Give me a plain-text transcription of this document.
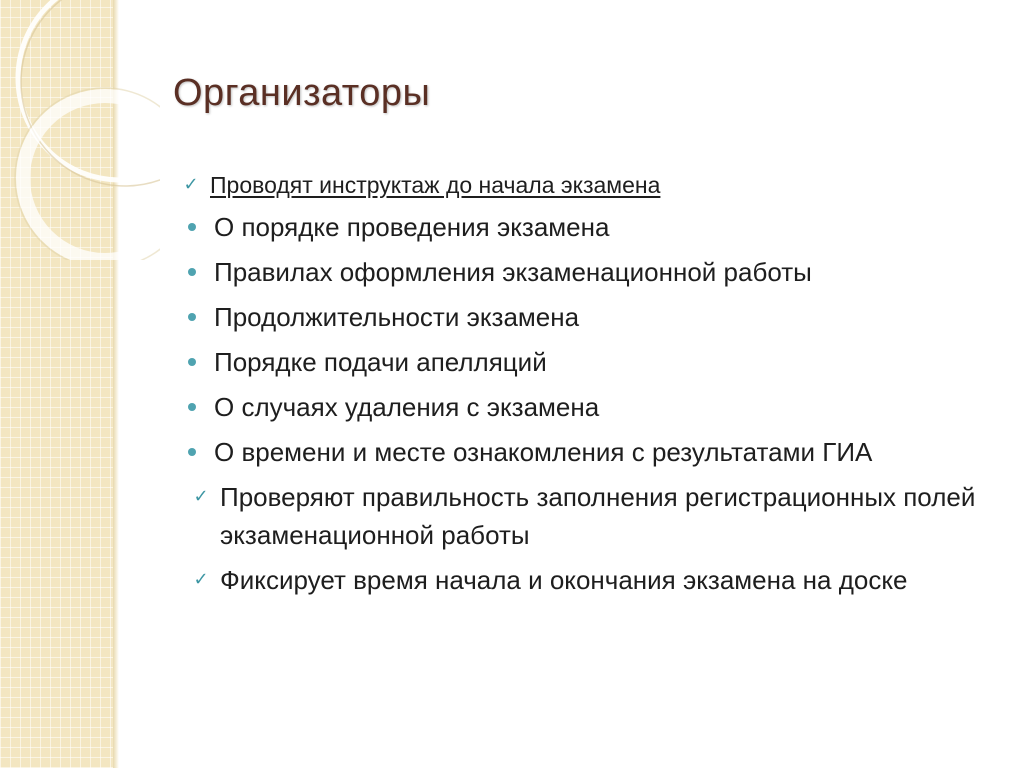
Организаторы
✓ Проводят инструктаж до начала экзамена
О порядке проведения экзамена
Правилах оформления экзаменационной работы
Продолжительности экзамена
Порядке подачи апелляций
О случаях удаления с экзамена
О времени и месте ознакомления с результатами ГИА
✓ Проверяют правильность заполнения регистрационных полей экзаменационной работы
✓ Фиксирует время начала и окончания экзамена на доске
